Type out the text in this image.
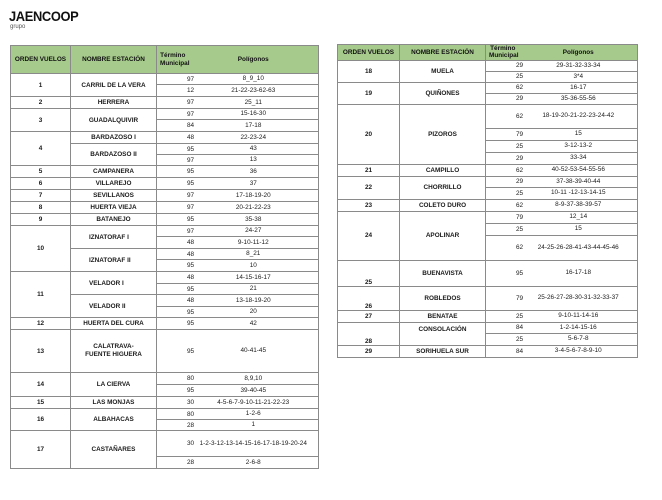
JAENCOOP
grupo
ORDEN VUELOS	NOMBRE ESTACIÓN	Término Municipal	Polígonos
1	CARRIL DE LA VERA	97	8_9_10
		12	21-22-23-62-63
2	HERRERA	97	25_11
3	GUADALQUIVIR	97	15-16-30
		84	17-18
4	BARDAZOSO I	48	22-23-24
	BARDAZOSO II	95	43
		97	13
5	CAMPANERA	95	36
6	VILLAREJO	95	37
7	SEVILLANOS	97	17-18-19-20
8	HUERTA VIEJA	97	20-21-22-23
9	BATANEJO	95	35-38
10	IZNATORAF I	97	24-27
		48	9-10-11-12
	IZNATORAF II	48	8_21
		95	10
11	VELADOR I	48	14-15-16-17
		95	21
	VELADOR II	48	13-18-19-20
		95	20
12	HUERTA DEL CURA	95	42
13	CALATRAVA-
FUENTE HIGUERA	95	40-41-45
14	LA CIERVA	80	8,9,10
		95	39-40-45
15	LAS MONJAS	30	4-5-6-7-9-10-11-21-22-23
16	ALBAHACAS	80	1-2-6
		28	1
17	CASTAÑARES	30	1-2-3-12-13-14-15-16-17-18-19-20-24
		28	2-6-8
ORDEN VUELOS	NOMBRE ESTACIÓN	Término Municipal	Polígonos
18	MUELA	29	29-31-32-33-34
		25	3*4
19	QUIÑONES	62	16-17
		29	35-36-55-56
20	PIZOROS	62	18-19-20-21-22-23-24-42
		79	15
		25	3-12-13-2
		29	33-34
21	CAMPILLO	62	40-52-53-54-55-56
22	CHORRILLO	29	37-38-39-40-44
		25	10-11 -12-13-14-15
23	COLETO DURO	62	8-9-37-38-39-57
24	APOLINAR	79	12_14
		25	15
		62	24-25-26-28-41-43-44-45-46
25	BUENAVISTA	95	16-17-18
26	ROBLEDOS	79	25-26-27-28-30-31-32-33-37
27	BENATAE	25	9-10-11-14-16
28	CONSOLACIÓN	84	1-2-14-15-16
		25	5-6-7-8
29	SORIHUELA SUR	84	3-4-5-6-7-8-9-10
